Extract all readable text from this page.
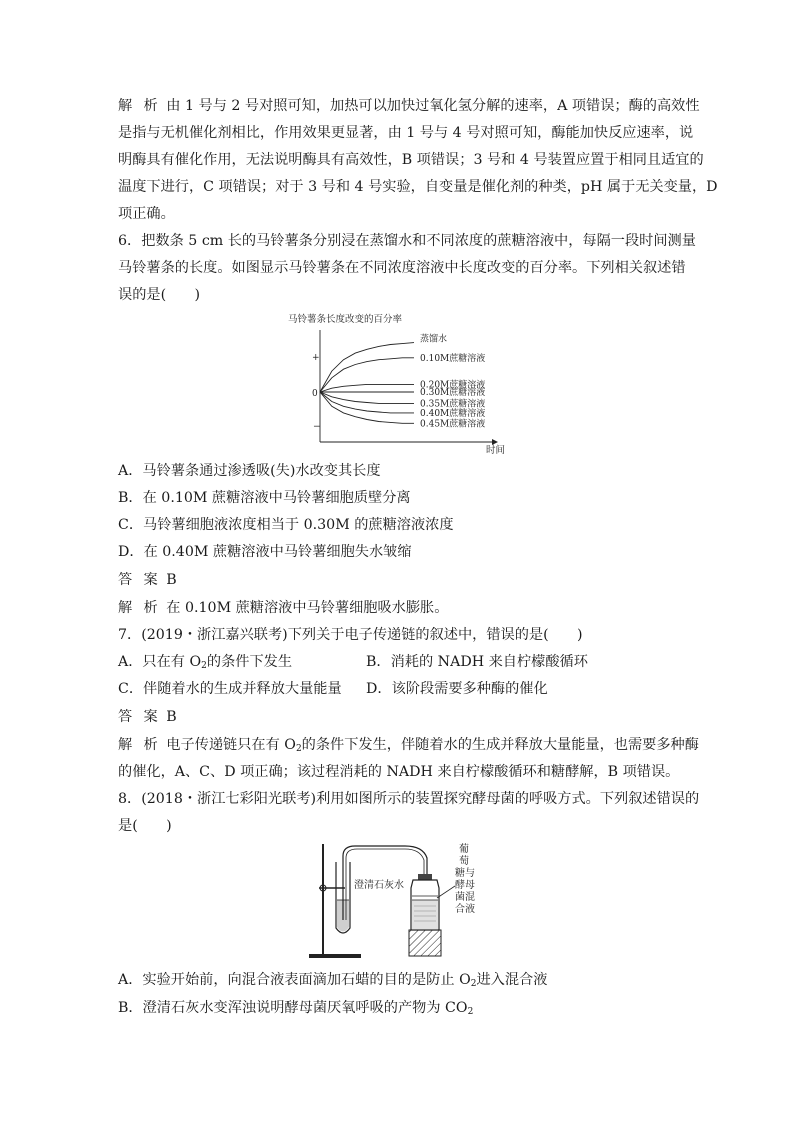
解析由 1 号与 2 号对照可知，加热可以加快过氧化氢分解的速率，A 项错误；酶的高效性
是指与无机催化剂相比，作用效果更显著，由 1 号与 4 号对照可知，酶能加快反应速率，说
明酶具有催化作用，无法说明酶具有高效性，B 项错误；3 号和 4 号装置应置于相同且适宜的
温度下进行，C 项错误；对于 3 号和 4 号实验，自变量是催化剂的种类，pH 属于无关变量，D
项正确。
6．把数条 5 cm 长的马铃薯条分别浸在蒸馏水和不同浓度的蔗糖溶液中，每隔一段时间测量
马铃薯条的长度。如图显示马铃薯条在不同浓度溶液中长度改变的百分率。下列相关叙述错
误的是(　　)
马铃薯条长度改变的百分率
+
0
−
时间
蒸馏水
0.10M蔗糖溶液
0.20M蔗糖溶液
0.30M蔗糖溶液
0.35M蔗糖溶液
0.40M蔗糖溶液
0.45M蔗糖溶液
A．马铃薯条通过渗透吸(失)水改变其长度
B．在 0.10M 蔗糖溶液中马铃薯细胞质壁分离
C．马铃薯细胞液浓度相当于 0.30M 的蔗糖溶液浓度
D．在 0.40M 蔗糖溶液中马铃薯细胞失水皱缩
答案B
解析在 0.10M 蔗糖溶液中马铃薯细胞吸水膨胀。
7．(2019・浙江嘉兴联考)下列关于电子传递链的叙述中，错误的是(　　)
A．只在有 $O_2$的条件下发生	B．消耗的 NADH 来自柠檬酸循环
C．伴随着水的生成并释放大量能量 D．该阶段需要多种酶的催化
答案B
解析电子传递链只在有 $O_2$的条件下发生，伴随着水的生成并释放大量能量，也需要多种酶
的催化，A、C、D 项正确；该过程消耗的 NADH 来自柠檬酸循环和糖酵解，B 项错误。
8．(2018・浙江七彩阳光联考)利用如图所示的装置探究酵母菌的呼吸方式。下列叙述错误的
是(　　)
澄清石灰水
葡
萄
糖与
酵母
菌混
合液
A．实验开始前，向混合液表面滴加石蜡的目的是防止 $O_2$进入混合液
B．澄清石灰水变浑浊说明酵母菌厌氧呼吸的产物为 $CO_2$
